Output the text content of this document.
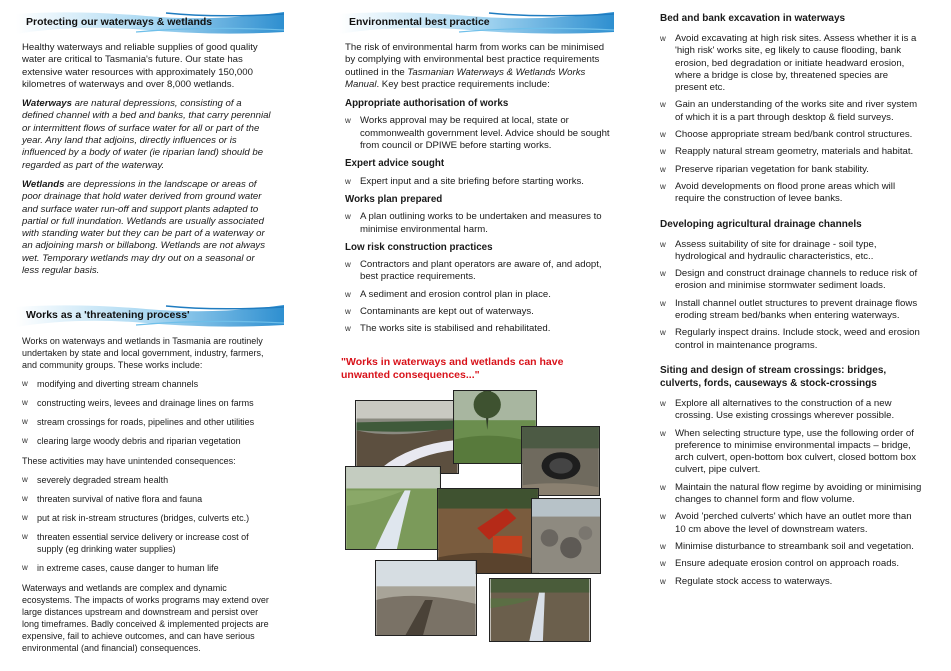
Protecting our waterways & wetlands

Healthy waterways and reliable supplies of good quality water are critical to Tasmania's future. Our state has extensive water resources with approximately 150,000 kilometres of waterways and over 8,000 wetlands.

Waterways are natural depressions, consisting of a defined channel with a bed and banks, that carry perennial or intermittent flows of surface water for all or part of the year. Any land that adjoins, directly influences or is influenced by a body of water (ie riparian land) should be regarded as part of the waterway.

Wetlands are depressions in the landscape or areas of poor drainage that hold water derived from ground water and surface water run-off and support plants adapted to partial or full inundation. Wetlands are usually associated with standing water but they can be part of a waterway or an adjoining marsh or billabong. Wetlands are not always wet. Temporary wetlands may dry out on a seasonal or less regular basis.

Works as a 'threatening process'

Works on waterways and wetlands in Tasmania are routinely undertaken by state and local government, industry, farmers, and community groups. These works include:

w modifying and diverting stream channels
w constructing weirs, levees and drainage lines on farms
w stream crossings for roads, pipelines and other utilities
w clearing large woody debris and riparian vegetation

These activities may have unintended consequences:

w severely degraded stream health
w threaten survival of native flora and fauna
w put at risk in-stream structures (bridges, culverts etc.)
w threaten essential service delivery or increase cost of supply (eg drinking water supplies)
w in extreme cases, cause danger to human life

Waterways and wetlands are complex and dynamic ecosystems. The impacts of works programs may extend over large distances upstream and downstream and persist over long timeframes. Badly conceived & implemented projects are expensive, fail to achieve outcomes, and can have serious environmental (and financial) consequences.

Environmental best practice

The risk of environmental harm from works can be minimised by complying with environmental best practice requirements outlined in the Tasmanian Waterways & Wetlands Works Manual. Key best practice requirements include:

Appropriate authorisation of works
w Works approval may be required at local, state or commonwealth government level. Advice should be sought from council or DPIWE before starting works.
Expert advice sought
w Expert input and a site briefing before starting works.
Works plan prepared
w A plan outlining works to be undertaken and measures to minimise environmental harm.
Low risk construction practices
w Contractors and plant operators are aware of, and adopt, best practice requirements.
w A sediment and erosion control plan in place.
w Contaminants are kept out of waterways.
w The works site is stabilised and rehabilitated.
"Works in waterways and wetlands can have unwanted consequences..."
Bed and bank excavation in waterways
w Avoid excavating at high risk sites. Assess whether it is a 'high risk' works site, eg likely to cause flooding, bank erosion, bed degradation or initiate headward erosion, where a bridge is close by, threatened species are present etc.
w Gain an understanding of the works site and river system of which it is a part through desktop & field surveys.
w Choose appropriate stream bed/bank control structures.
w Reapply natural stream geometry, materials and habitat.
w Preserve riparian vegetation for bank stability.
w Avoid developments on flood prone areas which will require the construction of levee banks.
Developing agricultural drainage channels
w Assess suitability of site for drainage - soil type, hydrological and hydraulic characteristics, etc..
w Design and construct drainage channels to reduce risk of erosion and minimise stormwater sediment loads.
w Install channel outlet structures to prevent drainage flows eroding stream bed/banks when entering waterways.
w Regularly inspect drains. Include stock, weed and erosion control in maintenance programs.
Siting and design of stream crossings: bridges, culverts, fords, causeways & stock-crossings
w Explore all alternatives to the construction of a new crossing. Use existing crossings wherever possible.
w When selecting structure type, use the following order of preference to minimise environmental impacts – bridge, arch culvert, open-bottom box culvert, closed bottom box culvert, pipe culvert.
w Maintain the natural flow regime by avoiding or minimising changes to channel form and flow volume.
w Avoid 'perched culverts' which have an outlet more than 10 cm above the level of downstream waters.
w Minimise disturbance to streambank soil and vegetation.
w Ensure adequate erosion control on approach roads.
w Regulate stock access to waterways.
